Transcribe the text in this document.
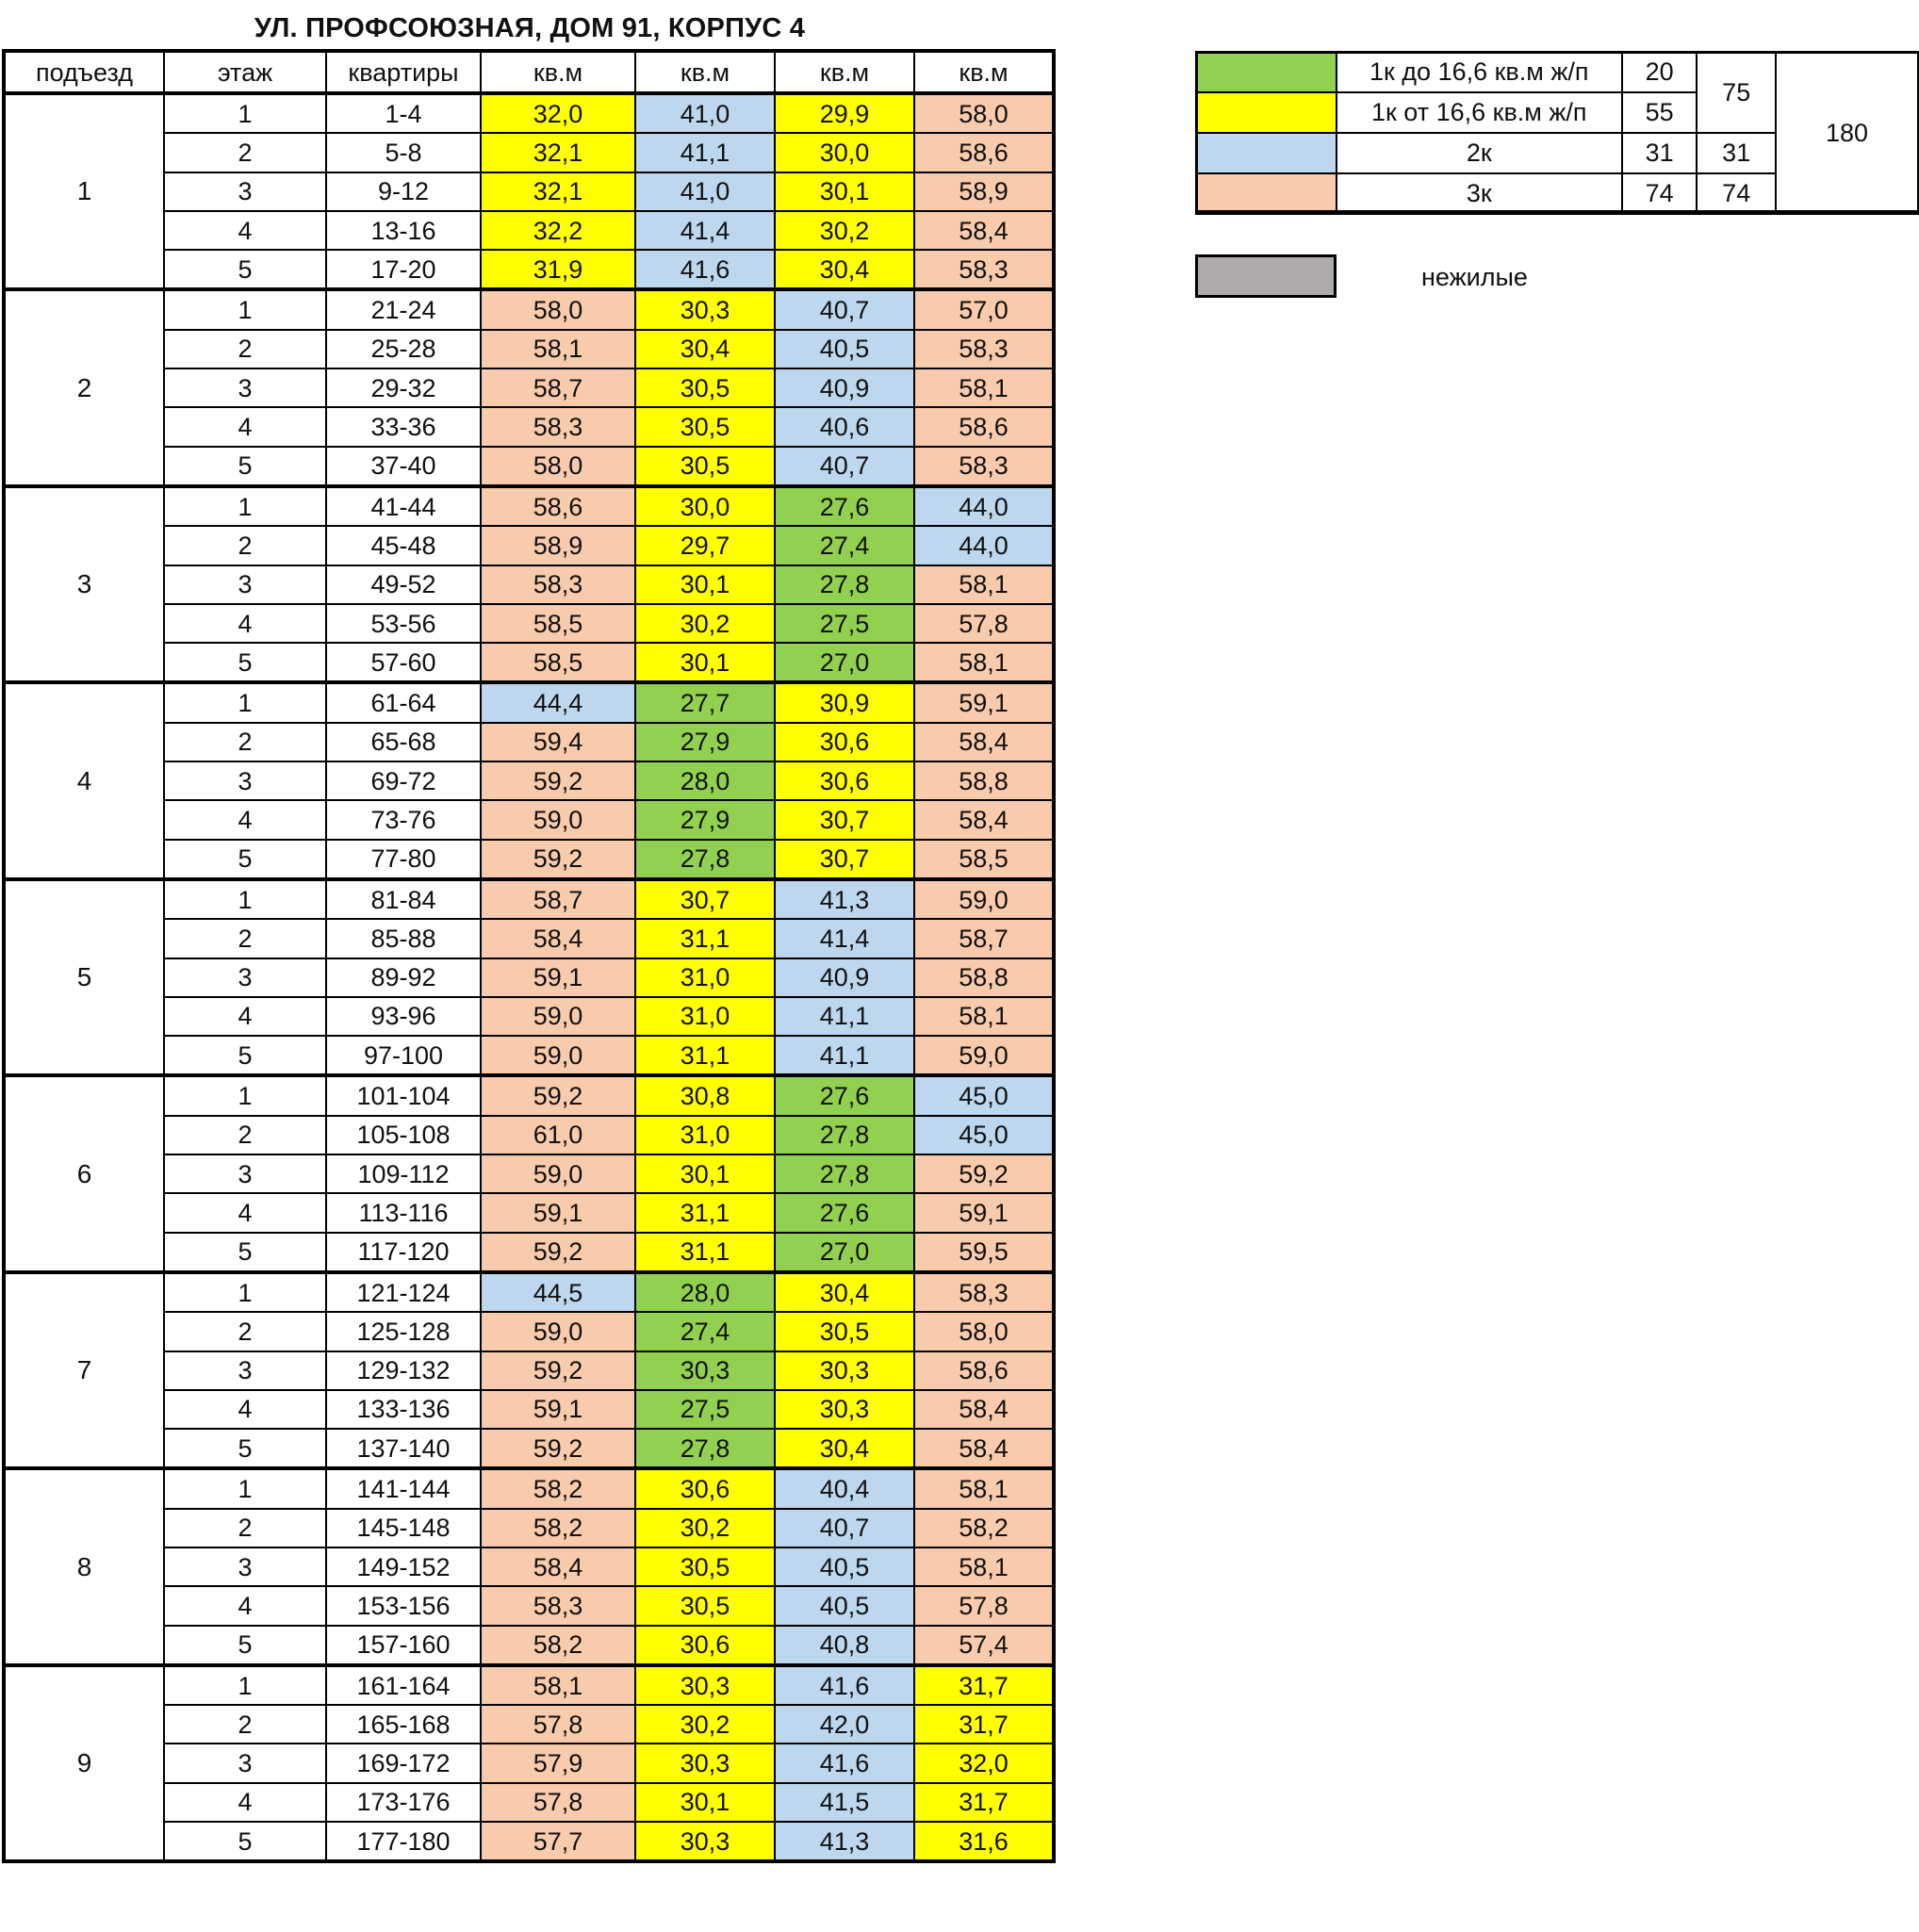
УЛ. ПРОФСОЮЗНАЯ, ДОМ 91, КОРПУС 4
подъезд	этаж	квартиры	кв.м	кв.м	кв.м	кв.м
1	1	1-4	32,0	41,0	29,9	58,0
	2	5-8	32,1	41,1	30,0	58,6
	3	9-12	32,1	41,0	30,1	58,9
	4	13-16	32,2	41,4	30,2	58,4
	5	17-20	31,9	41,6	30,4	58,3
2	1	21-24	58,0	30,3	40,7	57,0
	2	25-28	58,1	30,4	40,5	58,3
	3	29-32	58,7	30,5	40,9	58,1
	4	33-36	58,3	30,5	40,6	58,6
	5	37-40	58,0	30,5	40,7	58,3
3	1	41-44	58,6	30,0	27,6	44,0
	2	45-48	58,9	29,7	27,4	44,0
	3	49-52	58,3	30,1	27,8	58,1
	4	53-56	58,5	30,2	27,5	57,8
	5	57-60	58,5	30,1	27,0	58,1
4	1	61-64	44,4	27,7	30,9	59,1
	2	65-68	59,4	27,9	30,6	58,4
	3	69-72	59,2	28,0	30,6	58,8
	4	73-76	59,0	27,9	30,7	58,4
	5	77-80	59,2	27,8	30,7	58,5
5	1	81-84	58,7	30,7	41,3	59,0
	2	85-88	58,4	31,1	41,4	58,7
	3	89-92	59,1	31,0	40,9	58,8
	4	93-96	59,0	31,0	41,1	58,1
	5	97-100	59,0	31,1	41,1	59,0
6	1	101-104	59,2	30,8	27,6	45,0
	2	105-108	61,0	31,0	27,8	45,0
	3	109-112	59,0	30,1	27,8	59,2
	4	113-116	59,1	31,1	27,6	59,1
	5	117-120	59,2	31,1	27,0	59,5
7	1	121-124	44,5	28,0	30,4	58,3
	2	125-128	59,0	27,4	30,5	58,0
	3	129-132	59,2	30,3	30,3	58,6
	4	133-136	59,1	27,5	30,3	58,4
	5	137-140	59,2	27,8	30,4	58,4
8	1	141-144	58,2	30,6	40,4	58,1
	2	145-148	58,2	30,2	40,7	58,2
	3	149-152	58,4	30,5	40,5	58,1
	4	153-156	58,3	30,5	40,5	57,8
	5	157-160	58,2	30,6	40,8	57,4
9	1	161-164	58,1	30,3	41,6	31,7
	2	165-168	57,8	30,2	42,0	31,7
	3	169-172	57,9	30,3	41,6	32,0
	4	173-176	57,8	30,1	41,5	31,7
	5	177-180	57,7	30,3	41,3	31,6
	1к до 16,6 кв.м ж/п	20	75	180
	1к от 16,6 кв.м ж/п	55		
	2к	31	31	
	3к	74	74	
нежилые
